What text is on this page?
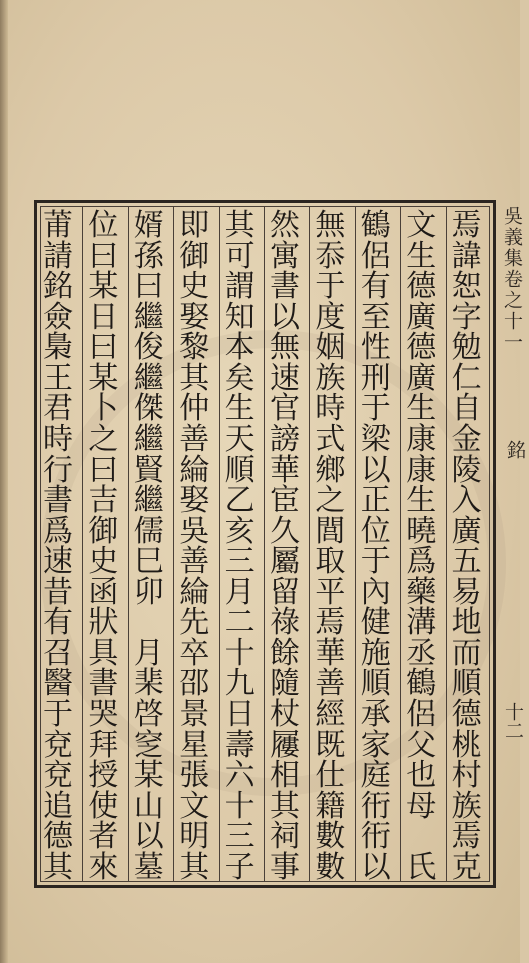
焉
諱
恕
字
勉
仁
自
金
陵
入
廣
五
易
地
而
順
德
桃
村
族
焉
克
文
生
德
廣
德
廣
生
康
康
生
曉
爲
藥
溝
丞
鶴
侶
父
也
母
氏
鶴
侶
有
至
性
刑
于
梁
以
正
位
于
內
健
施
順
承
家
庭
衎
衎
以
無
忝
于
度
姻
族
時
式
鄉
之
閭
取
平
焉
華
善
經
既
仕
籍
數
數
然
寓
書
以
無
速
官
謗
華
宦
久
屬
留
祿
餘
隨
杖
屨
相
其
祠
事
其
可
謂
知
本
矣
生
天
順
乙
亥
三
月
二
十
九
日
壽
六
十
三
子
即
御
史
娶
黎
其
仲
善
綸
娶
吳
善
綸
先
卒
邵
景
星
張
文
明
其
婿
孫
曰
繼
俊
繼
傑
繼
賢
繼
儒
巳
卯
月
棐
啓
窆
某
山
以
墓
位
曰
某
日
曰
某
卜
之
曰
吉
御
史
函
狀
具
書
哭
拜
授
使
者
來
莆
請
銘
僉
梟
王
君
時
行
書
爲
速
昔
有
召
醫
于
兗
兗
追
德
其
吳義集卷之十一
銘
十二
